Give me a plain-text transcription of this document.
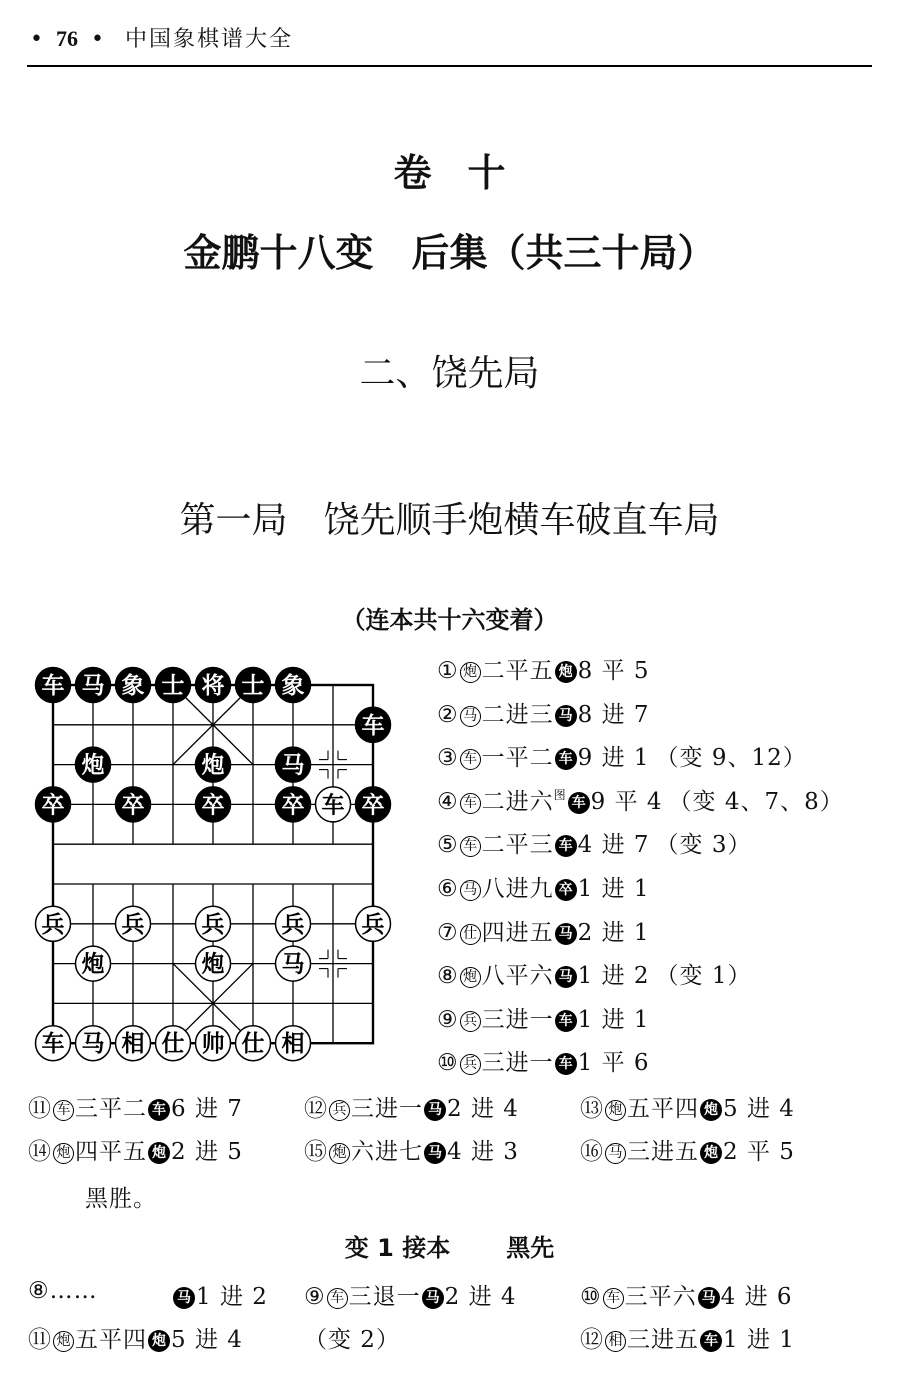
• 76 • 中国象棋谱大全
卷十
金鹏十八变　后集（共三十局）
二、饶先局
第一局　饶先顺手炮横车破直车局
（连本共十六变着）
车 马 象 士 将 士 象
车
炮	炮 马
卒 卒 卒 卒 车 卒
兵 兵 兵 兵 兵
炮	炮 马
车 马 相 仕 帅 仕 相
① 炮 二平五 炮 8 平 5
② 马 二进三 马 8 进 7
③ 车 一平二 车 9 进 1 （变 9、12）
④ 车 二进六$^图$ 车 9 平 4 （变 4、7、8）
⑤ 车 二平三 车 4 进 7 （变 3）
⑥ 马 八进九 卒 1 进 1
⑦ 仕 四进五 马 2 进 1
⑧ 炮 八平六 马 1 进 2 （变 1）
⑨ 兵 三进一 车 1 进 1
⑩ 兵 三进一 车 1 平 6
⑪ 车 三平二 车 6 进 7	⑫ 兵 三进一 马 2 进 4	⑬ 炮 五平四 炮 5 进 4
⑭ 炮 四平五 炮 2 进 5	⑮ 炮 六进七 马 4 进 3	⑯ 马 三进五 炮 2 平 5
黑胜。
变 1 接本 黑先
⑧……	马 1 进 2 ⑨ 车 三退一 马 2 进 4	⑩ 车 三平六 马 4 进 6
⑪ 炮 五平四 炮 5 进 4	（变 2）	⑫ 相 三进五 车 1 进 1
